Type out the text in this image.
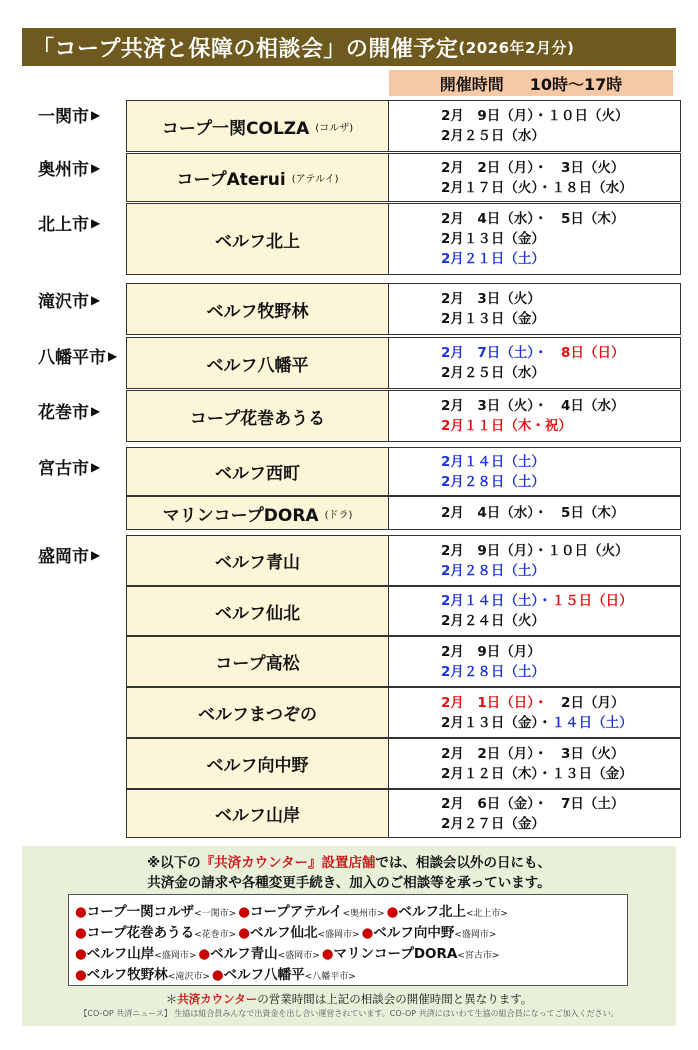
「コープ共済と保障の相談会」の開催予定 (2026年2月分)
開催時間 10時～17時
一関市 ▶
奥州市 ▶
北上市 ▶
滝沢市 ▶
八幡平市 ▶
花巻市 ▶
宮古市 ▶
盛岡市 ▶
コープ一関COLZA (コルザ)
2月　9日（月）・１０日（火）
2月２５日（水）
コープAterui (アテルイ)
2月　2日（月）・　3日（火）
2月１７日（火）・１８日（水）
ベルフ北上
2月　4日（水）・　5日（木）
2月１３日（金）
2月２１日（土）
ベルフ牧野林
2月　3日（火）
2月１３日（金）
ベルフ八幡平
2月　7日（土）・　8日（日）
2月２５日（水）
コープ花巻あうる
2月　3日（火）・　4日（水）
2月１１日（木・祝）
ベルフ西町
2月１４日（土）
2月２８日（土）
マリンコープDORA (ドラ)	2月　4日（水）・　5日（木）
ベルフ青山
2月　9日（月）・１０日（火）
2月２８日（土）
ベルフ仙北
2月１４日（土）・１５日（日）
2月２４日（火）
コープ高松
2月　9日（月）
2月２８日（土）
ベルフまつぞの
2月　1日（日）・　2日（月）
2月１３日（金）・１４日（土）
ベルフ向中野
2月　2日（月）・　3日（火）
2月１２日（木）・１３日（金）
ベルフ山岸
2月　6日（金）・　7日（土）
2月２７日（金）
※以下の『共済カウンター』設置店舗では、相談会以外の日にも、
共済金の請求や各種変更手続き、加入のご相談等を承っています。
●コープ一関コルザ<一関市> ●コープアテルイ<奥州市> ●ベルフ北上<北上市>
●コープ花巻あうる<花巻市> ●ベルフ仙北<盛岡市> ●ベルフ向中野<盛岡市>
●ベルフ山岸<盛岡市> ●ベルフ青山<盛岡市> ●マリンコープDORA<宮古市>
●ベルフ牧野林<滝沢市> ●ベルフ八幡平<八幡平市>
＊共済カウンターの営業時間は上記の相談会の開催時間と異なります。
【CO-OP 共済ニュース】 生協は組合員みんなで出資金を出し合い運営されています。CO-OP 共済にはいわて生協の組合員になってご加入ください。
